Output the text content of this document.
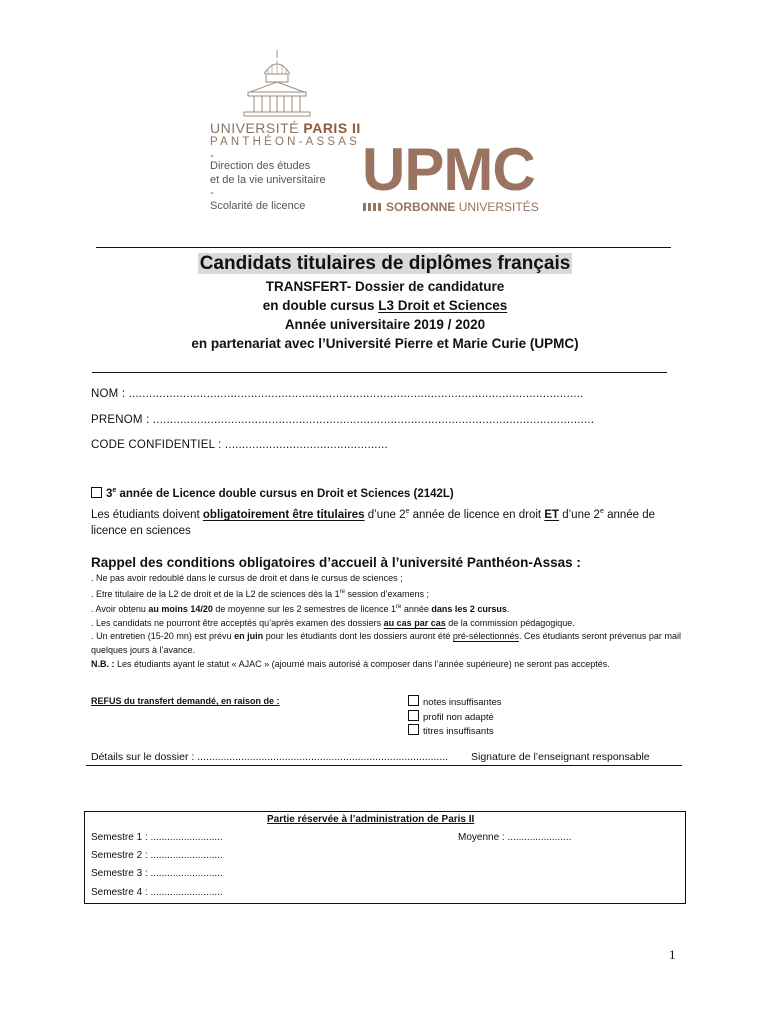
UNIVERSITÉ PARIS II
PANTHÉON-ASSAS
-
Direction des études
et de la vie universitaire
-
Scolarité de licence
UPMC
SORBONNE
UNIVERSITÉS
Candidats titulaires de diplômes français
TRANSFERT- Dossier de candidature
en double cursus L3 Droit et Sciences
Année universitaire 2019 / 2020
en partenariat avec l’Université Pierre et Marie Curie (UPMC)
NOM : ......................................................................................................................................
PRENOM : ..................................................................................................................................
CODE CONFIDENTIEL : ................................................
3e année de Licence double cursus en Droit et Sciences (2142L)
Les étudiants doivent obligatoirement être titulaires d’une 2e année de licence en droit ET d’une 2e année de licence en sciences
Rappel des conditions obligatoires d’accueil à l’université Panthéon-Assas :
. Ne pas avoir redoublé dans le cursus de droit et dans le cursus de sciences ;
. Etre titulaire de la L2 de droit et de la L2 de sciences dès la 1re session d’examens ;
. Avoir obtenu au moins 14/20 de moyenne sur les 2 semestres de licence 1re année dans les 2 cursus.
. Les candidats ne pourront être acceptés qu’après examen des dossiers au cas par cas de la commission pédagogique.
. Un entretien (15-20 mn) est prévu en juin pour les étudiants dont les dossiers auront été pré-sélectionnés. Ces étudiants seront prévenus par mail quelques jours à l’avance.
N.B. : Les étudiants ayant le statut « AJAC » (ajourné mais autorisé à composer dans l’année supérieure) ne seront pas acceptés.
REFUS du transfert demandé, en raison de :	notes insuffisantes
profil non adapté
titres insuffisants
Détails sur le dossier : ...................................................................................... Signature de l’enseignant responsable
Partie réservée à l’administration de Paris II
Semestre 1 : ..........................
Semestre 2 : ..........................
Semestre 3 : ..........................
Semestre 4 : ..........................
Moyenne : .......................
1
